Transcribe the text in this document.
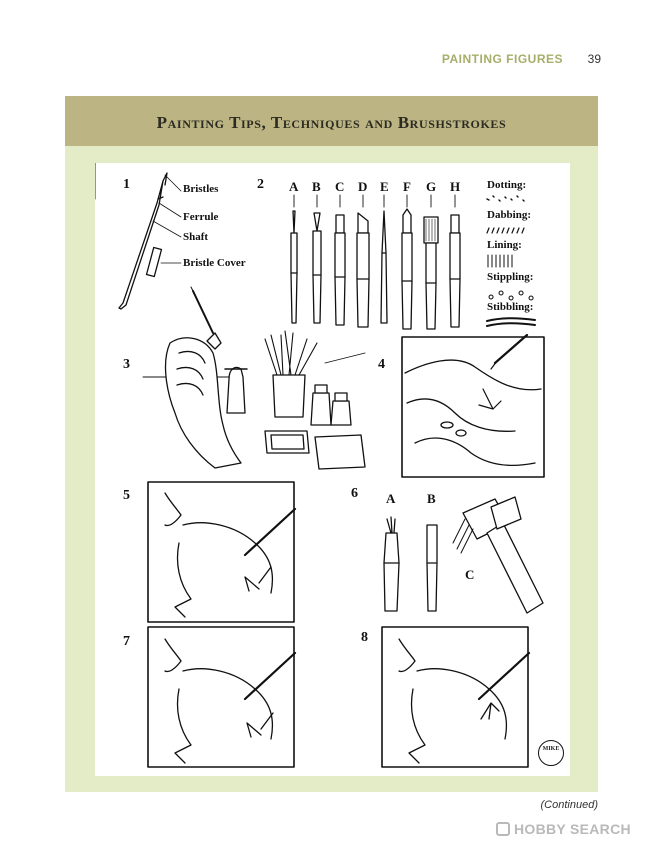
PAINTING FIGURES 39
Painting Tips, Techniques and Brushstrokes
1	2
3	4
5	6
7	8
Bristles
Ferrule
Shaft
Bristle Cover
A B C D E F G H Dotting:
Dabbing:
Lining:
Stippling:
Stibbling:
A B
C
MIKE
(Continued)
HOBBY SEARCH
